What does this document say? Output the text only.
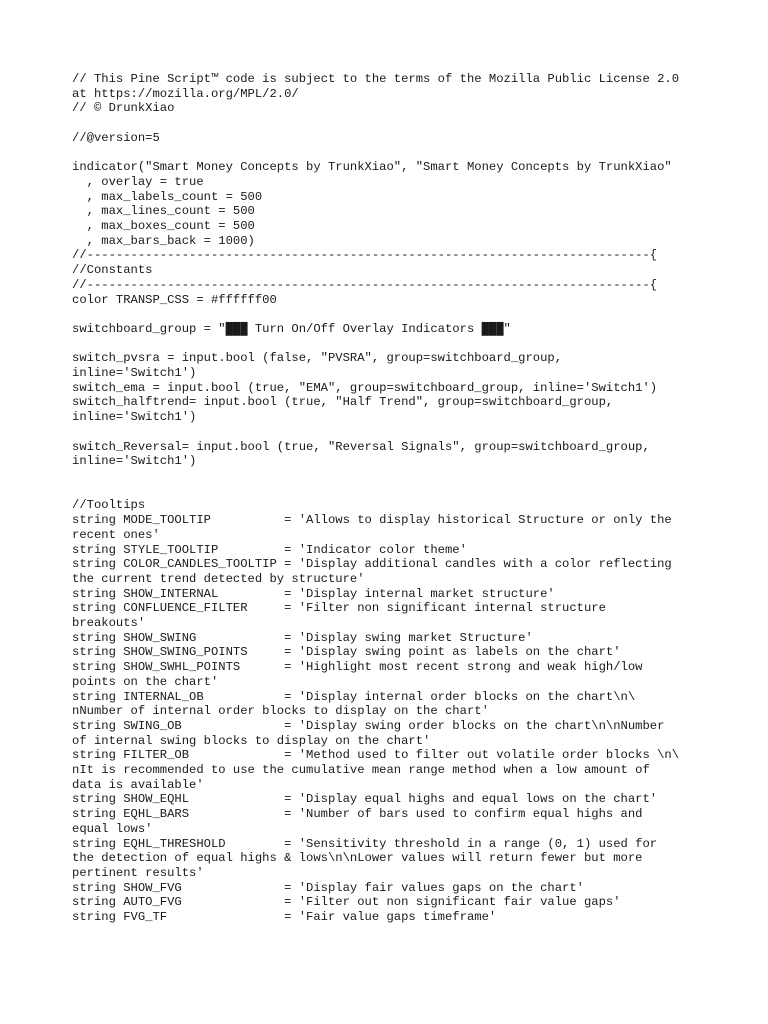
// This Pine Script™ code is subject to the terms of the Mozilla Public License 2.0
at https://mozilla.org/MPL/2.0/
// © DrunkXiao

//@version=5

indicator("Smart Money Concepts by TrunkXiao", "Smart Money Concepts by TrunkXiao"
, overlay = true
, max_labels_count = 500
, max_lines_count = 500
, max_boxes_count = 500
, max_bars_back = 1000)
//-----------------------------------------------------------------------------{
//Constants
//-----------------------------------------------------------------------------{
color TRANSP_CSS = #ffffff00

switchboard_group = "███ Turn On/Off Overlay Indicators ███"

switch_pvsra = input.bool (false, "PVSRA", group=switchboard_group,
inline='Switch1')
switch_ema = input.bool (true, "EMA", group=switchboard_group, inline='Switch1')
switch_halftrend= input.bool (true, "Half Trend", group=switchboard_group,
inline='Switch1')

switch_Reversal= input.bool (true, "Reversal Signals", group=switchboard_group,
inline='Switch1')

//Tooltips
string MODE_TOOLTIP          = 'Allows to display historical Structure or only the
recent ones'
string STYLE_TOOLTIP         = 'Indicator color theme'
string COLOR_CANDLES_TOOLTIP = 'Display additional candles with a color reflecting
the current trend detected by structure'
string SHOW_INTERNAL         = 'Display internal market structure'
string CONFLUENCE_FILTER     = 'Filter non significant internal structure
breakouts'
string SHOW_SWING            = 'Display swing market Structure'
string SHOW_SWING_POINTS     = 'Display swing point as labels on the chart'
string SHOW_SWHL_POINTS      = 'Highlight most recent strong and weak high/low
points on the chart'
string INTERNAL_OB           = 'Display internal order blocks on the chart\n\
nNumber of internal order blocks to display on the chart'
string SWING_OB              = 'Display swing order blocks on the chart\n\nNumber
of internal swing blocks to display on the chart'
string FILTER_OB             = 'Method used to filter out volatile order blocks \n\
nIt is recommended to use the cumulative mean range method when a low amount of
data is available'
string SHOW_EQHL             = 'Display equal highs and equal lows on the chart'
string EQHL_BARS             = 'Number of bars used to confirm equal highs and
equal lows'
string EQHL_THRESHOLD        = 'Sensitivity threshold in a range (0, 1) used for
the detection of equal highs & lows\n\nLower values will return fewer but more
pertinent results'
string SHOW_FVG              = 'Display fair values gaps on the chart'
string AUTO_FVG              = 'Filter out non significant fair value gaps'
string FVG_TF                = 'Fair value gaps timeframe'
